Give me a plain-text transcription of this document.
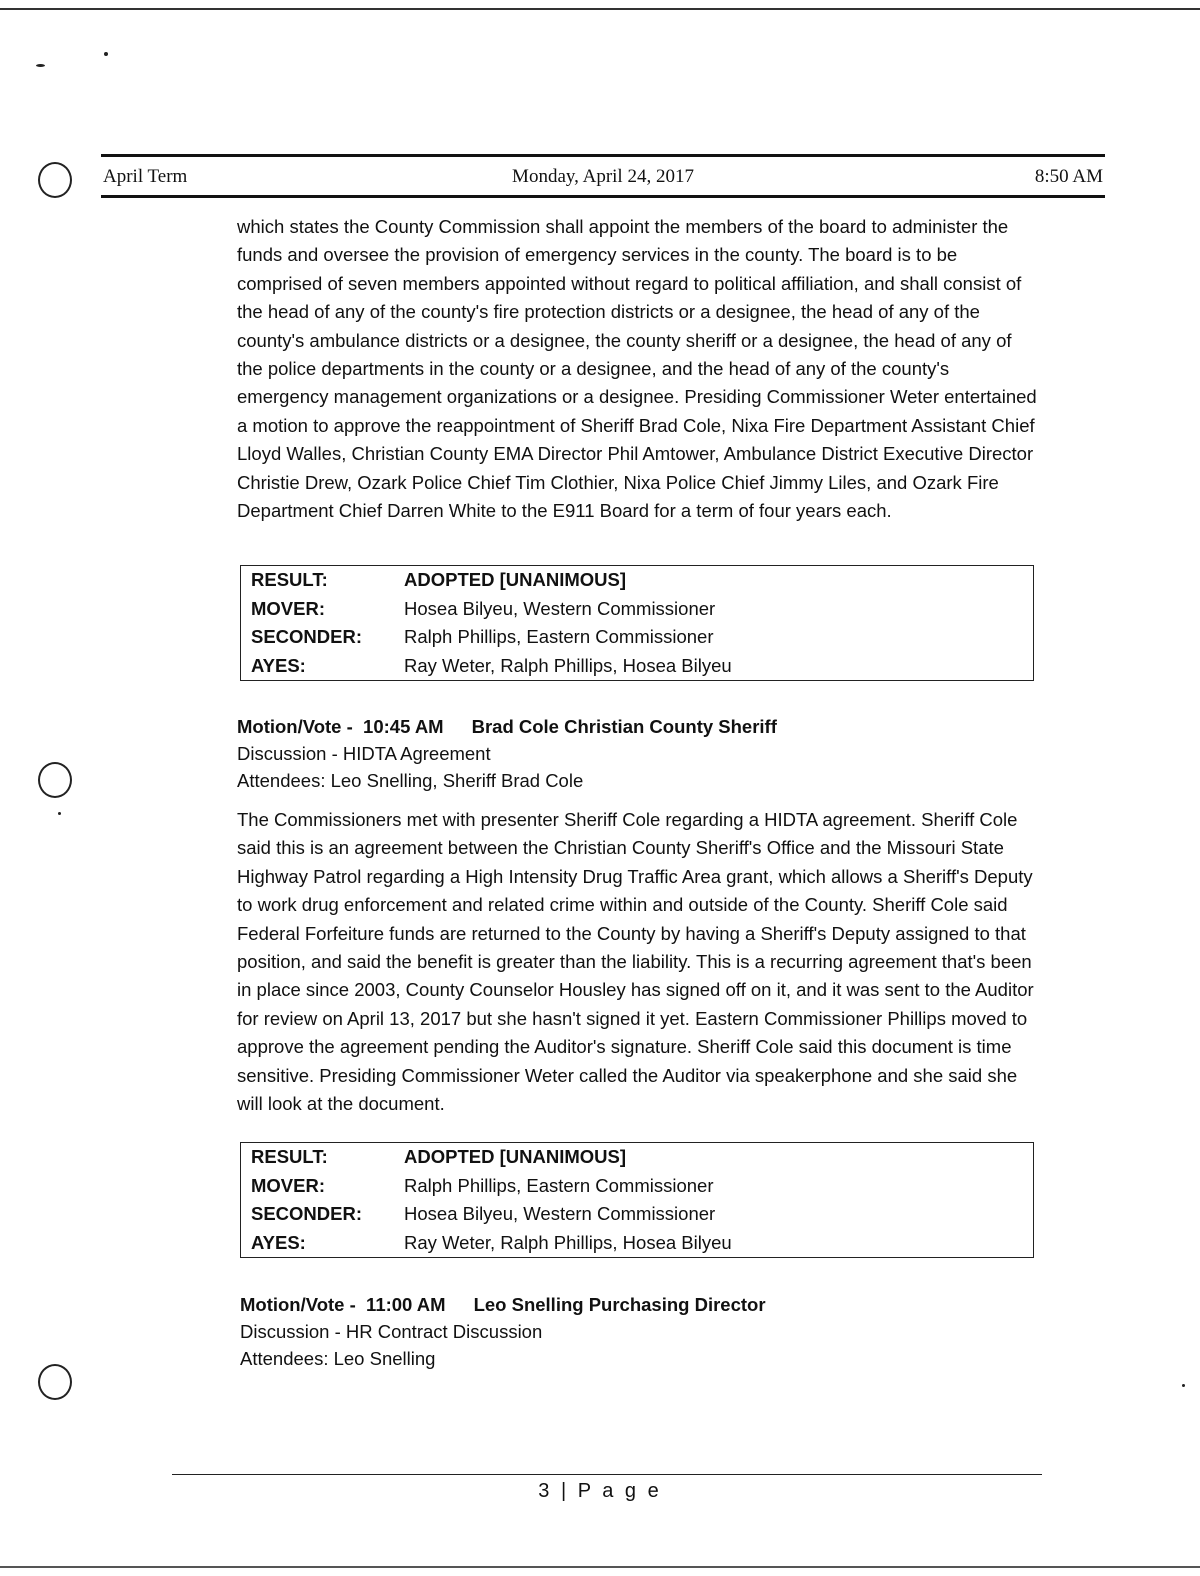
April Term	Monday, April 24, 2017	8:50 AM

which states the County Commission shall appoint the members of the board to administer the funds and oversee the provision of emergency services in the county. The board is to be comprised of seven members appointed without regard to political affiliation, and shall consist of the head of any of the county's fire protection districts or a designee, the head of any of the county's ambulance districts or a designee, the county sheriff or a designee, the head of any of the police departments in the county or a designee, and the head of any of the county's emergency management organizations or a designee. Presiding Commissioner Weter entertained a motion to approve the reappointment of Sheriff Brad Cole, Nixa Fire Department Assistant Chief Lloyd Walles, Christian County EMA Director Phil Amtower, Ambulance District Executive Director Christie Drew, Ozark Police Chief Tim Clothier, Nixa Police Chief Jimmy Liles, and Ozark Fire Department Chief Darren White to the E911 Board for a term of four years each.

RESULT:	ADOPTED [UNANIMOUS]
MOVER:	Hosea Bilyeu, Western Commissioner
SECONDER:	Ralph Phillips, Eastern Commissioner
AYES:	Ray Weter, Ralph Phillips, Hosea Bilyeu
Motion/Vote -  10:45 AM Brad Cole Christian County Sheriff
Discussion - HIDTA Agreement
Attendees: Leo Snelling, Sheriff Brad Cole

The Commissioners met with presenter Sheriff Cole regarding a HIDTA agreement. Sheriff Cole said this is an agreement between the Christian County Sheriff's Office and the Missouri State Highway Patrol regarding a High Intensity Drug Traffic Area grant, which allows a Sheriff's Deputy to work drug enforcement and related crime within and outside of the County. Sheriff Cole said Federal Forfeiture funds are returned to the County by having a Sheriff's Deputy assigned to that position, and said the benefit is greater than the liability. This is a recurring agreement that's been in place since 2003, County Counselor Housley has signed off on it, and it was sent to the Auditor for review on April 13, 2017 but she hasn't signed it yet. Eastern Commissioner Phillips moved to approve the agreement pending the Auditor's signature. Sheriff Cole said this document is time sensitive. Presiding Commissioner Weter called the Auditor via speakerphone and she said she will look at the document.

RESULT:	ADOPTED [UNANIMOUS]
MOVER:	Ralph Phillips, Eastern Commissioner
SECONDER:	Hosea Bilyeu, Western Commissioner
AYES:	Ray Weter, Ralph Phillips, Hosea Bilyeu
Motion/Vote -  11:00 AM Leo Snelling Purchasing Director
Discussion - HR Contract Discussion
Attendees: Leo Snelling
3 | P a g e
